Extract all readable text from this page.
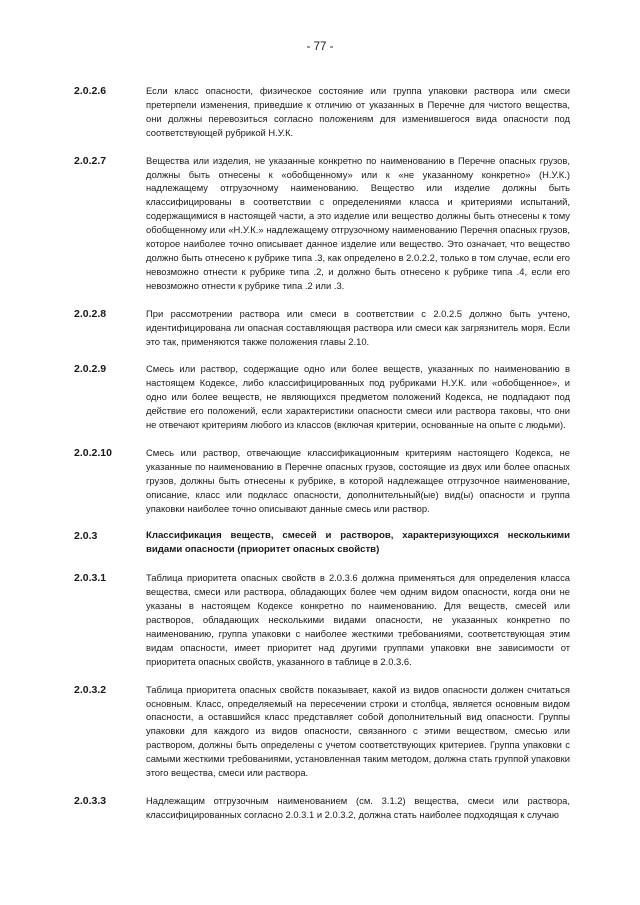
- 77 -
2.0.2.6	Если класс опасности, физическое состояние или группа упаковки раствора или смеси претерпели изменения, приведшие к отличию от указанных в Перечне для чистого вещества, они должны перевозиться согласно положениям для изменившегося вида опасности под соответствующей рубрикой Н.У.К.
2.0.2.7	Вещества или изделия, не указанные конкретно по наименованию в Перечне опасных грузов, должны быть отнесены к «обобщенному» или к «не указанному конкретно» (Н.У.К.) надлежащему отгрузочному наименованию. Вещество или изделие должны быть классифицированы в соответствии с определениями класса и критериями испытаний, содержащимися в настоящей части, а это изделие или вещество должны быть отнесены к тому обобщенному или «Н.У.К.» надлежащему отгрузочному наименованию Перечня опасных грузов, которое наиболее точно описывает данное изделие или вещество. Это означает, что вещество должно быть отнесено к рубрике типа .3, как определено в 2.0.2.2, только в том случае, если его невозможно отнести к рубрике типа .2, и должно быть отнесено к рубрике типа .4, если его невозможно отнести к рубрике типа .2 или .3.
2.0.2.8	При рассмотрении раствора или смеси в соответствии с 2.0.2.5 должно быть учтено, идентифицирована ли опасная составляющая раствора или смеси как загрязнитель моря. Если это так, применяются также положения главы 2.10.
2.0.2.9	Смесь или раствор, содержащие одно или более веществ, указанных по наименованию в настоящем Кодексе, либо классифицированных под рубриками Н.У.К. или «обобщенное», и одно или более веществ, не являющихся предметом положений Кодекса, не подпадают под действие его положений, если характеристики опасности смеси или раствора таковы, что они не отвечают критериям любого из классов (включая критерии, основанные на опыте с людьми).
2.0.2.10	Смесь или раствор, отвечающие классификационным критериям настоящего Кодекса, не указанные по наименованию в Перечне опасных грузов, состоящие из двух или более опасных грузов, должны быть отнесены к рубрике, в которой надлежащее отгрузочное наименование, описание, класс или подкласс опасности, дополнительный(ые) вид(ы) опасности и группа упаковки наиболее точно описывают данные смесь или раствор.
2.0.3	Классификация веществ, смесей и растворов, характеризующихся несколькими видами опасности (приоритет опасных свойств)
2.0.3.1	Таблица приоритета опасных свойств в 2.0.3.6 должна применяться для определения класса вещества, смеси или раствора, обладающих более чем одним видом опасности, когда они не указаны в настоящем Кодексе конкретно по наименованию. Для веществ, смесей или растворов, обладающих несколькими видами опасности, не указанных конкретно по наименованию, группа упаковки с наиболее жесткими требованиями, соответствующая этим видам опасности, имеет приоритет над другими группами упаковки вне зависимости от приоритета опасных свойств, указанного в таблице в 2.0.3.6.
2.0.3.2	Таблица приоритета опасных свойств показывает, какой из видов опасности должен считаться основным. Класс, определяемый на пересечении строки и столбца, является основным видом опасности, а оставшийся класс представляет собой дополнительный вид опасности. Группы упаковки для каждого из видов опасности, связанного с этими веществом, смесью или раствором, должны быть определены с учетом соответствующих критериев. Группа упаковки с самыми жесткими требованиями, установленная таким методом, должна стать группой упаковки этого вещества, смеси или раствора.
2.0.3.3	Надлежащим отгрузочным наименованием (см. 3.1.2) вещества, смеси или раствора, классифицированных согласно 2.0.3.1 и 2.0.3.2, должна стать наиболее подходящая к случаю
